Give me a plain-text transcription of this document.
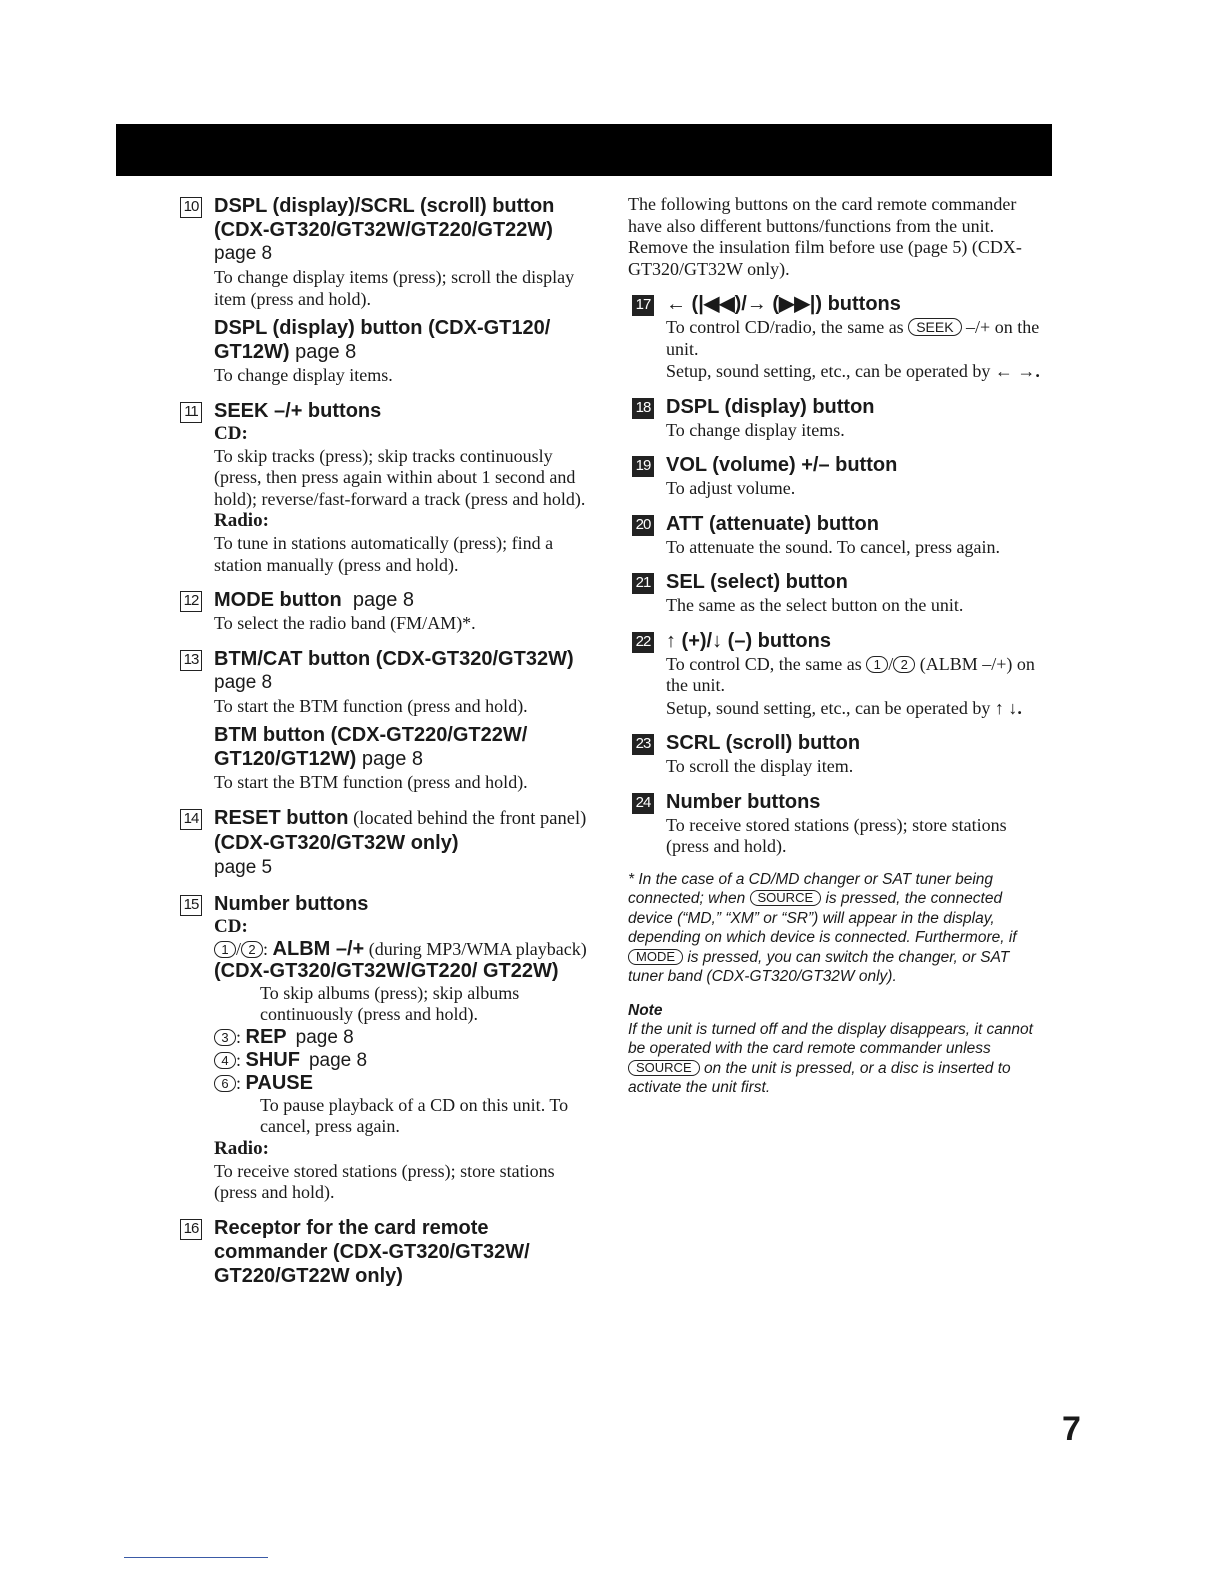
10 DSPL (display)/SCRL (scroll) button (CDX-GT320/GT32W/GT220/GT22W)
page 8
To change display items (press); scroll the display item (press and hold).
DSPL (display) button (CDX-GT120/ GT12W) page 8
To change display items.
11 SEEK –/+ buttons
CD:
To skip tracks (press); skip tracks continuously (press, then press again within about 1 second and hold); reverse/fast-forward a track (press and hold).
Radio:
To tune in stations automatically (press); find a station manually (press and hold).
12 MODE button page 8
To select the radio band (FM/AM)*.
13 BTM/CAT button (CDX-GT320/GT32W)
page 8
To start the BTM function (press and hold).
BTM button (CDX-GT220/GT22W/ GT120/GT12W) page 8
To start the BTM function (press and hold).
14 RESET button (located behind the front panel) (CDX-GT320/GT32W only)
page 5
15 Number buttons
CD:
1 / 2 : ALBM –/+ (during MP3/WMA playback) (CDX-GT320/GT32W/GT220/ GT22W)
To skip albums (press); skip albums continuously (press and hold).
3 : REP page 8
4 : SHUF page 8
6 : PAUSE
To pause playback of a CD on this unit. To cancel, press again.
Radio:
To receive stored stations (press); store stations (press and hold).
16 Receptor for the card remote commander (CDX-GT320/GT32W/ GT220/GT22W only)
The following buttons on the card remote commander have also different buttons/functions from the unit. Remove the insulation film before use (page 5) (CDX-GT320/GT32W only).
17 ← (|◀◀)/→ (▶▶|) buttons
To control CD/radio, the same as SEEK –/+ on the unit.
Setup, sound setting, etc., can be operated by ← →.
18 DSPL (display) button
To change display items.
19 VOL (volume) +/– button
To adjust volume.
20 ATT (attenuate) button
To attenuate the sound. To cancel, press again.
21 SEL (select) button
The same as the select button on the unit.
22 ↑ (+)/↓ (–) buttons
To control CD, the same as 1 / 2 (ALBM –/+) on the unit.
Setup, sound setting, etc., can be operated by ↑ ↓.
23 SCRL (scroll) button
To scroll the display item.
24 Number buttons
To receive stored stations (press); store stations (press and hold).
* In the case of a CD/MD changer or SAT tuner being connected; when SOURCE is pressed, the connected device (“MD,” “XM” or “SR”) will appear in the display, depending on which device is connected. Furthermore, if MODE is pressed, you can switch the changer, or SAT tuner band (CDX-GT320/GT32W only).
Note
If the unit is turned off and the display disappears, it cannot be operated with the card remote commander unless SOURCE on the unit is pressed, or a disc is inserted to activate the unit first.
7
